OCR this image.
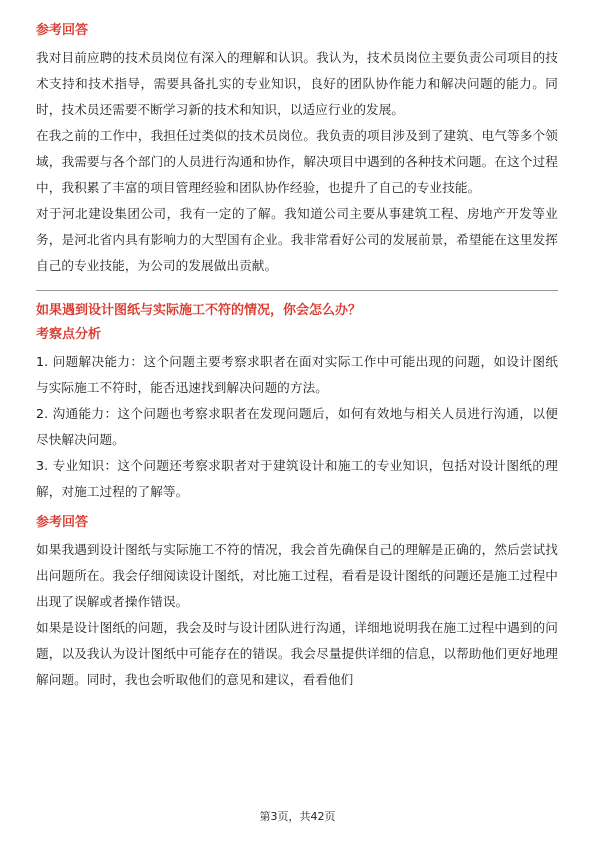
参考回答

我对目前应聘的技术员岗位有深入的理解和认识。我认为，技术员岗位主要负责公司项目的技术支持和技术指导，需要具备扎实的专业知识，良好的团队协作能力和解决问题的能力。同时，技术员还需要不断学习新的技术和知识，以适应行业的发展。

在我之前的工作中，我担任过类似的技术员岗位。我负责的项目涉及到了建筑、电气等多个领域，我需要与各个部门的人员进行沟通和协作，解决项目中遇到的各种技术问题。在这个过程中，我积累了丰富的项目管理经验和团队协作经验，也提升了自己的专业技能。

对于河北建设集团公司，我有一定的了解。我知道公司主要从事建筑工程、房地产开发等业务，是河北省内具有影响力的大型国有企业。我非常看好公司的发展前景，希望能在这里发挥自己的专业技能，为公司的发展做出贡献。

如果遇到设计图纸与实际施工不符的情况，你会怎么办？
考察点分析

1. 问题解决能力：这个问题主要考察求职者在面对实际工作中可能出现的问题，如设计图纸与实际施工不符时，能否迅速找到解决问题的方法。

2. 沟通能力：这个问题也考察求职者在发现问题后，如何有效地与相关人员进行沟通，以便尽快解决问题。

3. 专业知识：这个问题还考察求职者对于建筑设计和施工的专业知识，包括对设计图纸的理解，对施工过程的了解等。

参考回答

如果我遇到设计图纸与实际施工不符的情况，我会首先确保自己的理解是正确的，然后尝试找出问题所在。我会仔细阅读设计图纸，对比施工过程，看看是设计图纸的问题还是施工过程中出现了误解或者操作错误。

如果是设计图纸的问题，我会及时与设计团队进行沟通，详细地说明我在施工过程中遇到的问题，以及我认为设计图纸中可能存在的错误。我会尽量提供详细的信息，以帮助他们更好地理解问题。同时，我也会听取他们的意见和建议，看看他们

第3页，共42页
